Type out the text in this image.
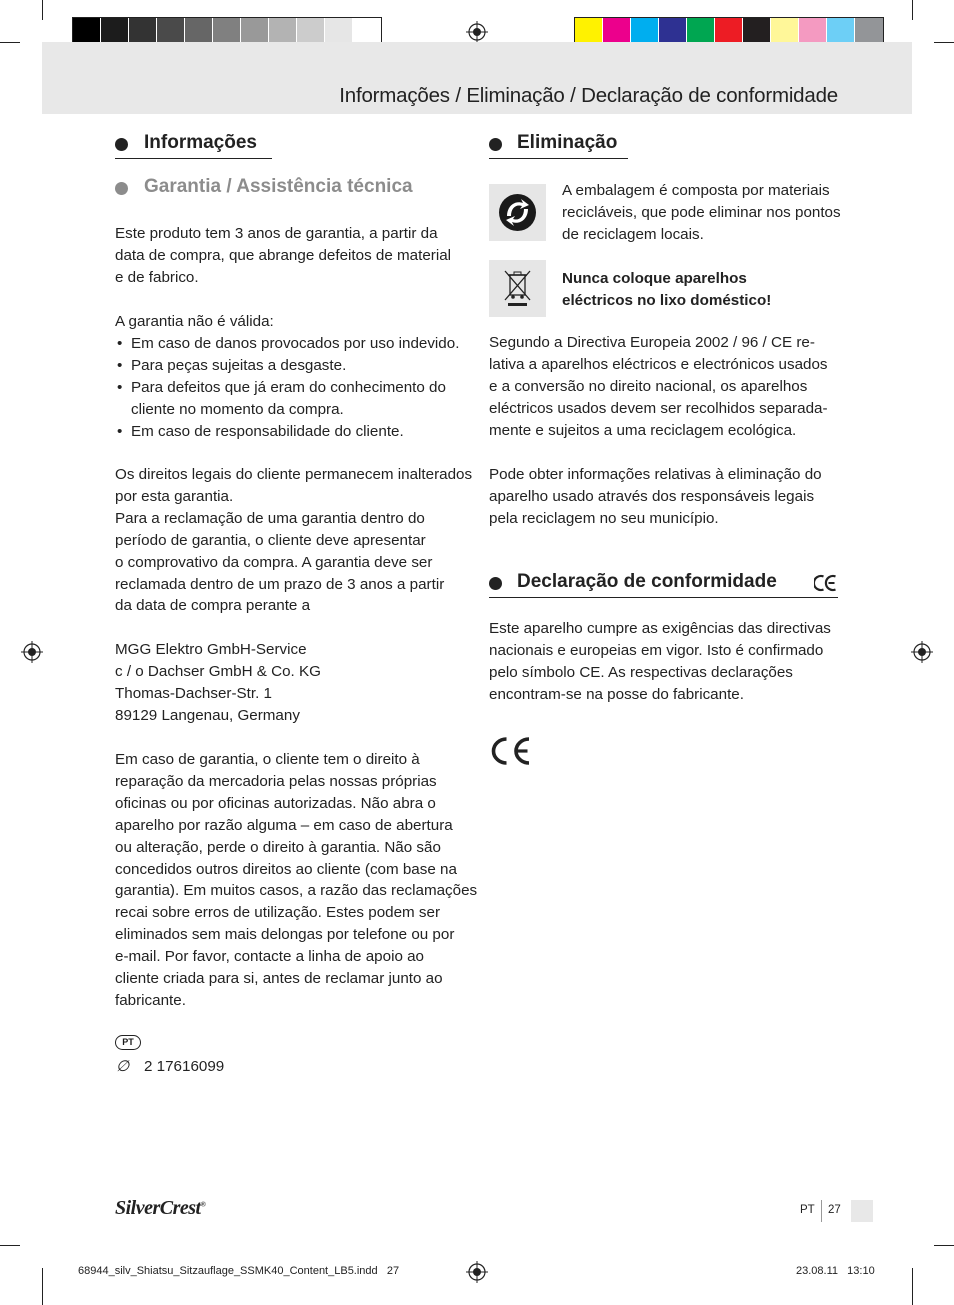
Informações / Eliminação / Declaração de conformidade
Informações
Garantia / Assistência técnica
Este produto tem 3 anos de garantia, a partir da
data de compra, que abrange defeitos de material
e de fabrico.
A garantia não é válida:
• Em caso de danos provocados por uso indevido.
• Para peças sujeitas a desgaste.
• Para defeitos que já eram do conhecimento do
cliente no momento da compra.
• Em caso de responsabilidade do cliente.
Os direitos legais do cliente permanecem inalterados
por esta garantia.
Para a reclamação de uma garantia dentro do
período de garantia, o cliente deve apresentar
o comprovativo da compra. A garantia deve ser
reclamada dentro de um prazo de 3 anos a partir
da data de compra perante a
MGG Elektro GmbH-Service
c / o Dachser GmbH & Co. KG
Thomas-Dachser-Str. 1
89129 Langenau, Germany
Em caso de garantia, o cliente tem o direito à
reparação da mercadoria pelas nossas próprias
oficinas ou por oficinas autorizadas. Não abra o
aparelho por razão alguma – em caso de abertura
ou alteração, perde o direito à garantia. Não são
concedidos outros direitos ao cliente (com base na
garantia). Em muitos casos, a razão das reclamações
recai sobre erros de utilização. Estes podem ser
eliminados sem mais delongas por telefone ou por
e-mail. Por favor, contacte a linha de apoio ao
cliente criada para si, antes de reclamar junto ao
fabricante.
PT
∅ 2 17616099
Eliminação
A embalagem é composta por materiais
recicláveis, que pode eliminar nos pontos
de reciclagem locais.
Nunca coloque aparelhos
eléctricos no lixo doméstico!
Segundo a Directiva Europeia 2002 / 96 / CE re-
lativa a aparelhos eléctricos e electrónicos usados
e a conversão no direito nacional, os aparelhos
eléctricos usados devem ser recolhidos separada-
mente e sujeitos a uma reciclagem ecológica.
Pode obter informações relativas à eliminação do
aparelho usado através dos responsáveis legais
pela reciclagem no seu município.
Declaração de conformidade
Este aparelho cumpre as exigências das directivas
nacionais e europeias em vigor. Isto é confirmado
pelo símbolo CE. As respectivas declarações
encontram-se na posse do fabricante.
SilverCrest®	PT 27
68944_silv_Shiatsu_Sitzauflage_SSMK40_Content_LB5.indd   27	23.08.11   13:10
